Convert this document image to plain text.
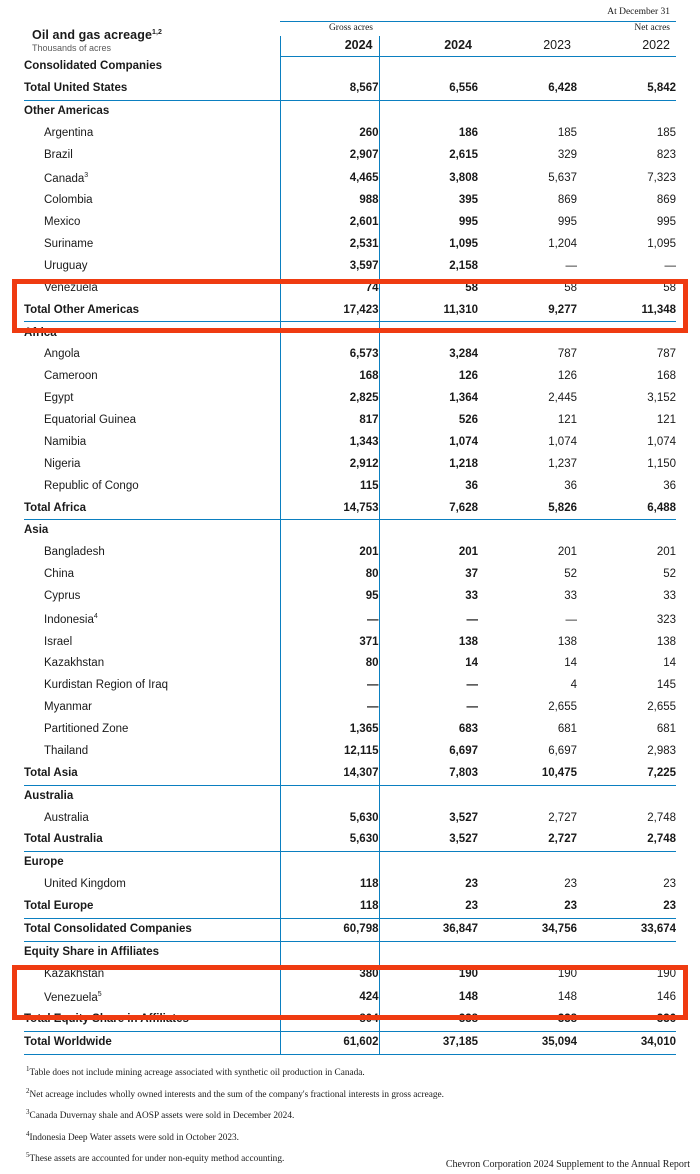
		At December 31		

Oil and gas acreage$^{1,2}$
Thousands of acres	Gross acres	Net acres		
	2024	2024	2023	2022
Consolidated Companies				
Total United States	8,567	6,556	6,428	5,842
Other Americas				
Argentina	260	186	185	185
Brazil	2,907	2,615	329	823
Canada$^3$	4,465	3,808	5,637	7,323
Colombia	988	395	869	869
Mexico	2,601	995	995	995
Suriname	2,531	1,095	1,204	1,095
Uruguay	3,597	2,158	—	—
Venezuela	74	58	58	58
Total Other Americas	17,423	11,310	9,277	11,348
Africa				
Angola	6,573	3,284	787	787
Cameroon	168	126	126	168
Egypt	2,825	1,364	2,445	3,152
Equatorial Guinea	817	526	121	121
Namibia	1,343	1,074	1,074	1,074
Nigeria	2,912	1,218	1,237	1,150
Republic of Congo	115	36	36	36
Total Africa	14,753	7,628	5,826	6,488
Asia				
Bangladesh	201	201	201	201
China	80	37	52	52
Cyprus	95	33	33	33
Indonesia$^4$	—	—	—	323
Israel	371	138	138	138
Kazakhstan	80	14	14	14
Kurdistan Region of Iraq	—	—	4	145
Myanmar	—	—	2,655	2,655
Partitioned Zone	1,365	683	681	681
Thailand	12,115	6,697	6,697	2,983
Total Asia	14,307	7,803	10,475	7,225
Australia				
Australia	5,630	3,527	2,727	2,748
Total Australia	5,630	3,527	2,727	2,748
Europe				
United Kingdom	118	23	23	23
Total Europe	118	23	23	23
Total Consolidated Companies	60,798	36,847	34,756	33,674
Equity Share in Affiliates				
Kazakhstan	380	190	190	190
Venezuela$^5$	424	148	148	146
Total Equity Share in Affiliates	804	338	338	336
Total Worldwide	61,602	37,185	35,094	34,010
$^1$Table does not include mining acreage associated with synthetic oil production in Canada.
$^2$Net acreage includes wholly owned interests and the sum of the company's fractional interests in gross acreage.
$^3$Canada Duvernay shale and AOSP assets were sold in December 2024.
$^4$Indonesia Deep Water assets were sold in October 2023.
$^5$These assets are accounted for under non-equity method accounting.	Chevron Corporation 2024 Supplement to the Annual Report
